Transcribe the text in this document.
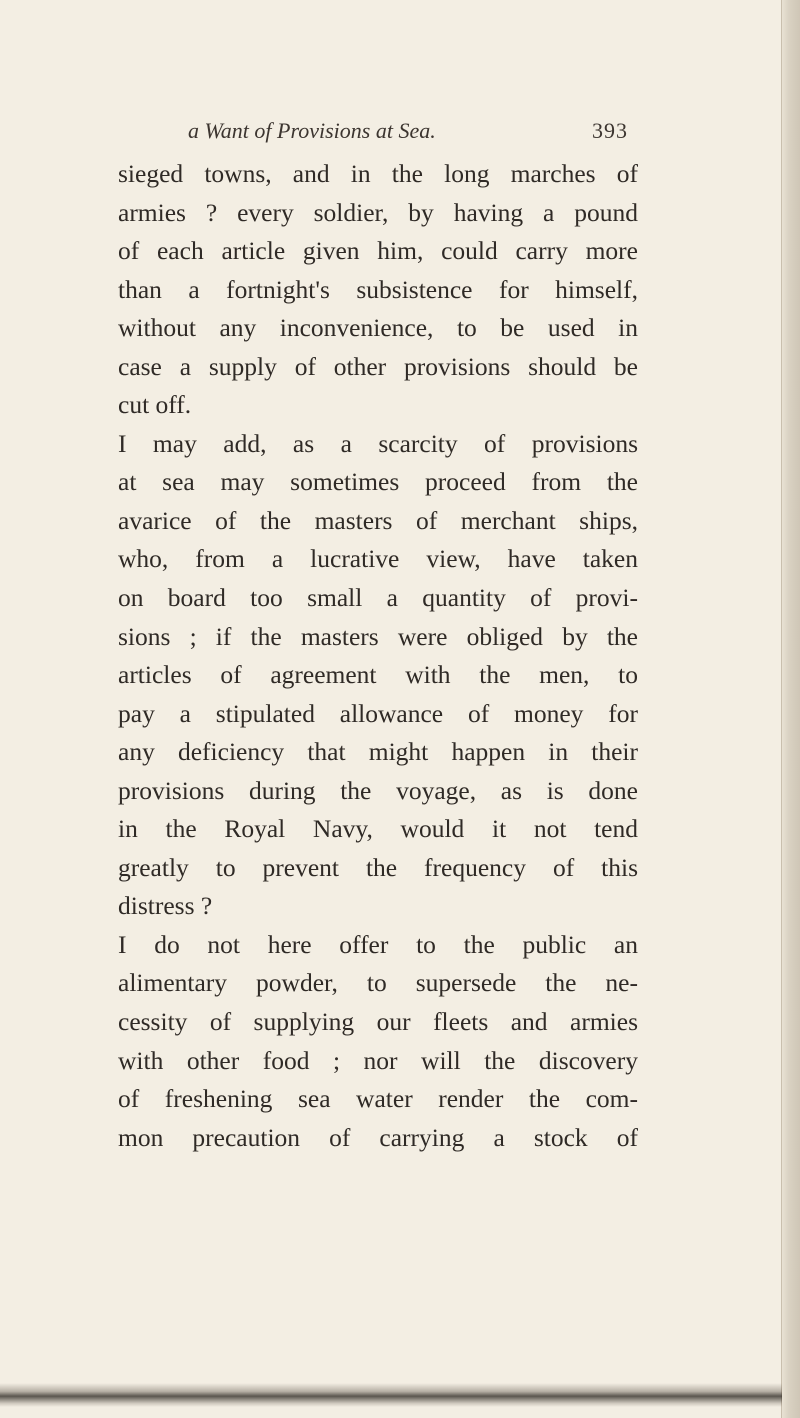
a Want of Provisions at Sea.	393
sieged towns, and in the long marches of
armies ? every soldier, by having a pound
of each article given him, could carry more
than a fortnight's subsistence for himself,
without any inconvenience, to be used in
case a supply of other provisions should be
cut off.
I may add, as a scarcity of provisions
at sea may sometimes proceed from the
avarice of the masters of merchant ships,
who, from a lucrative view, have taken
on board too small a quantity of provi-
sions ; if the masters were obliged by the
articles of agreement with the men, to
pay a stipulated allowance of money for
any deficiency that might happen in their
provisions during the voyage, as is done
in the Royal Navy, would it not tend
greatly to prevent the frequency of this
distress ?
I do not here offer to the public an
alimentary powder, to supersede the ne-
cessity of supplying our fleets and armies
with other food ; nor will the discovery
of freshening sea water render the com-
mon precaution of carrying a stock of
